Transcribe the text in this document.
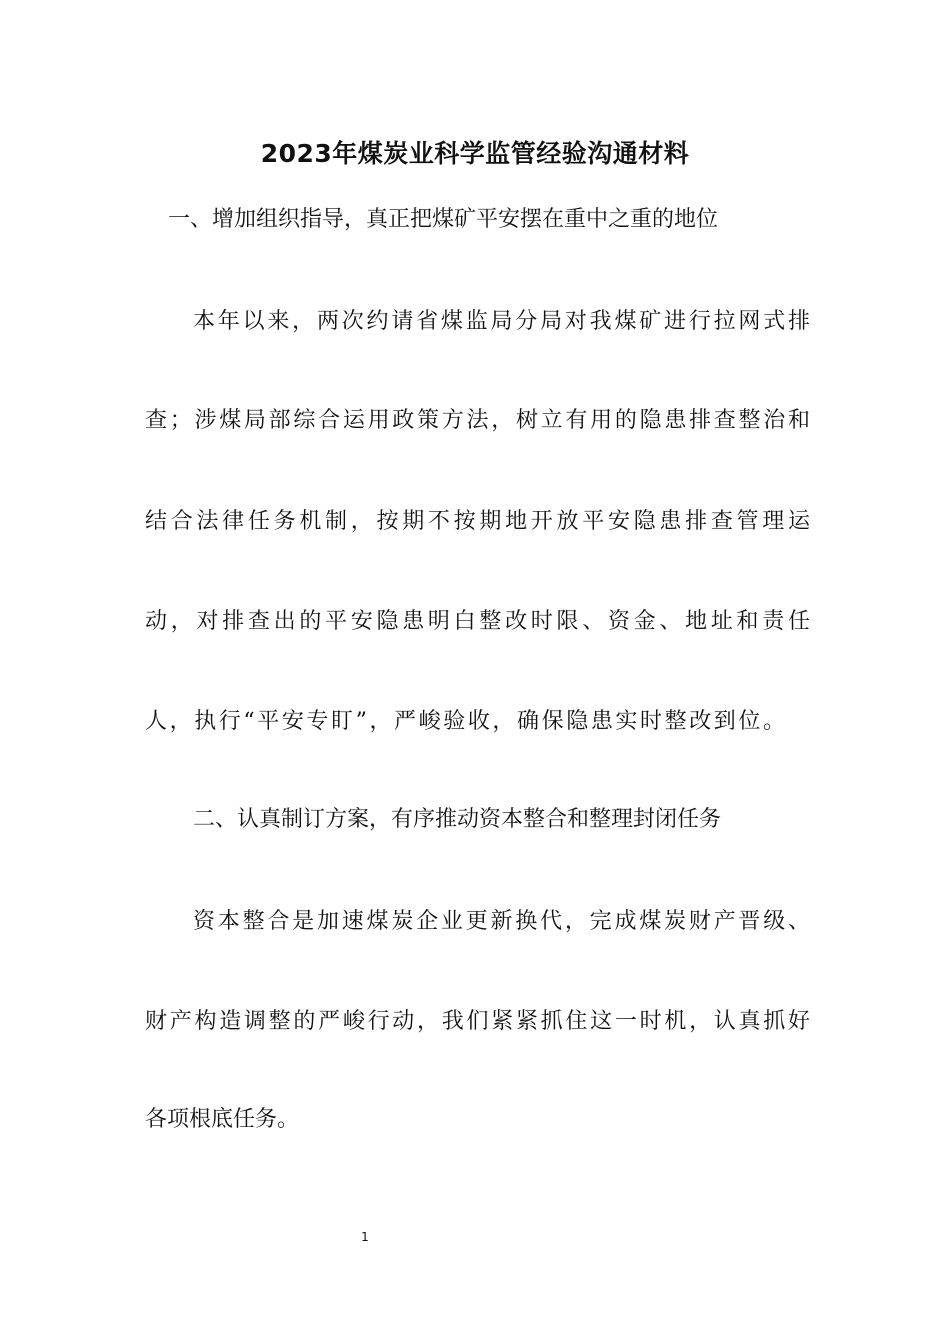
2023年煤炭业科学监管经验沟通材料
一、增加组织指导，真正把煤矿平安摆在重中之重的地位
本年以来，两次约请省煤监局分局对我煤矿进行拉网式排
查；涉煤局部综合运用政策方法，树立有用的隐患排查整治和
结合法律任务机制，按期不按期地开放平安隐患排查管理运
动，对排查出的平安隐患明白整改时限、资金、地址和责任
人，执行“平安专盯”，严峻验收，确保隐患实时整改到位。
二、认真制订方案，有序推动资本整合和整理封闭任务
资本整合是加速煤炭企业更新换代，完成煤炭财产晋级、
财产构造调整的严峻行动，我们紧紧抓住这一时机，认真抓好
各项根底任务。
1
